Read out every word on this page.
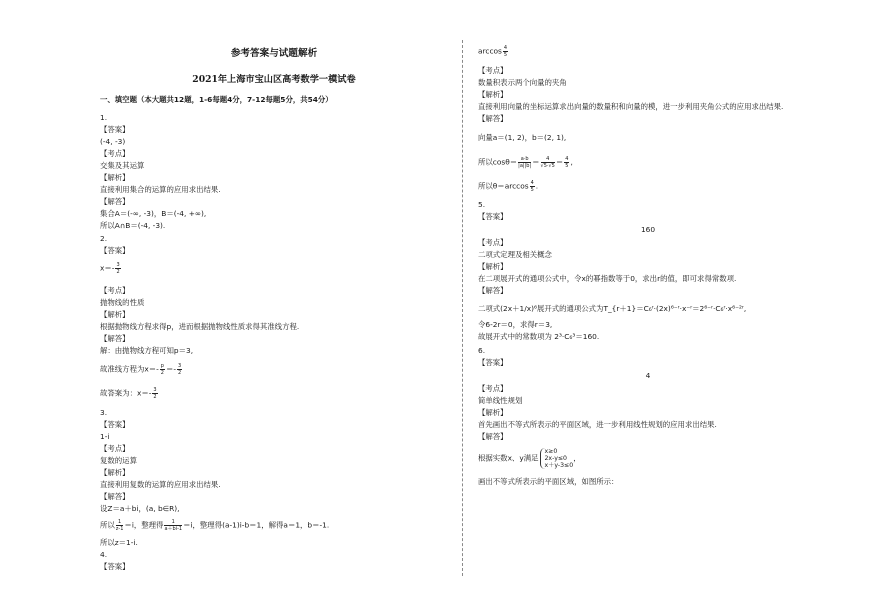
参考答案与试题解析
2021年上海市宝山区高考数学一模试卷
一、填空题（本大题共12题，1-6每题4分，7-12每题5分，共54分）
1.
【答案】
(-4, -3)
【考点】
交集及其运算
【解析】
直接利用集合的运算的应用求出结果.
【解答】
集合A＝(-∞, -3)，B＝(-4, +∞),
所以A∩B＝(-4, -3).
2.
【答案】
$x=- \frac{3}{2}$
【考点】
抛物线的性质
【解析】
根据抛物线方程求得p，进而根据抛物线性质求得其准线方程.
【解答】
解：由抛物线方程可知p＝3,
故准线方程为$x=- \frac{p}{2} =- \frac{3}{2}$
故答案为：$x=- \frac{3}{2}$
3.
【答案】
1-i
【考点】
复数的运算
【解析】
直接利用复数的运算的应用求出结果.
【解答】
设Z＝a＋bi，(a, b∈R),
所以 $\frac{1}{z-1} =i$，整理得 $\frac{1}{a+bi-1} =i$，整理得(a-1)i-b＝1，解得a＝1，b＝-1.
所以z＝1-i.
4.
【答案】
$\arccos \frac{4}{5}$
【考点】
数量积表示两个向量的夹角
【解析】
直接利用向量的坐标运算求出向量的数量积和向量的模，进一步利用夹角公式的应用求出结果.
【解答】
向量a＝(1, 2)，b＝(2, 1),
所以$\cos\theta= \frac{a\cdot b}{|a||b|} = \frac{4}{√5\cdot√5} = \frac{4}{5}$ ,
所以$\theta=\arccos \frac{4}{5}$ .
5.
【答案】
160
【考点】
二项式定理及相关概念
【解析】
在二项展开式的通项公式中，令x的幂指数等于0，求出r的值，即可求得常数项.
【解答】
二项式(2x＋1/x)⁶展开式的通项公式为T_{r＋1}＝C₆ʳ·(2x)⁶⁻ʳ·x⁻ʳ＝2⁶⁻ʳ·C₆ʳ·x⁶⁻²ʳ,
令6-2r＝0，求得r＝3,
故展开式中的常数项为 2³·C₆³＝160.
6.
【答案】
4
【考点】
简单线性规划
【解析】
首先画出不等式所表示的平面区域，进一步利用线性规划的应用求出结果.
【解答】
根据实数x、y满足
x≥0
2x-y≤0
x＋y-3≤0
，
画出不等式所表示的平面区域，如图所示：
